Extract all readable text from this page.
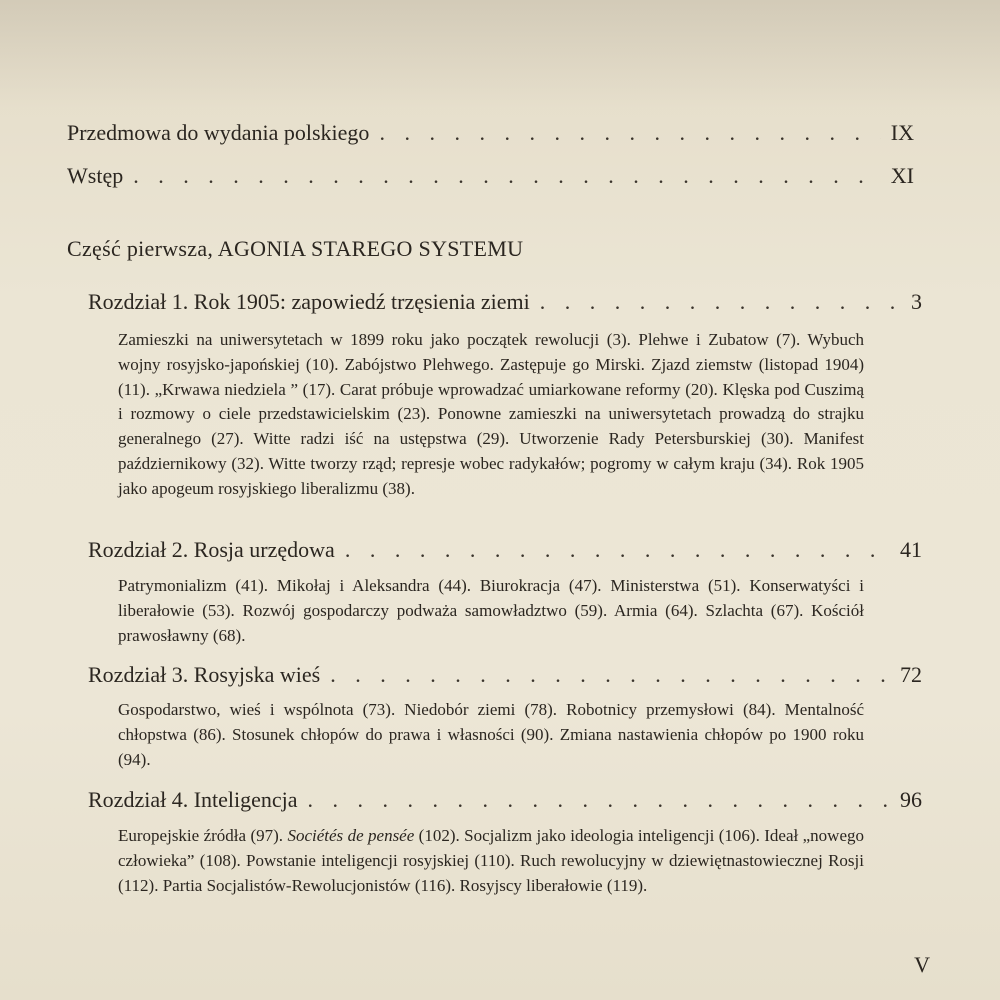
Przedmowa do wydania polskiego . . .	IX
Wstęp . . .	XI
Część pierwsza, AGONIA STAREGO SYSTEMU
Rozdział 1. Rok 1905: zapowiedź trzęsienia ziemi . . .	3
Zamieszki na uniwersytetach w 1899 roku jako początek rewolucji (3). Plehwe i Zubatow (7). Wybuch wojny rosyjsko-japońskiej (10). Zabójstwo Plehwego. Zastępuje go Mirski. Zjazd ziemstw (listopad 1904) (11). „Krwawa niedziela ” (17). Carat próbuje wprowadzać umiarkowane reformy (20). Klęska pod Cuszimą i rozmowy o ciele przedstawicielskim (23). Ponowne zamieszki na uniwersytetach prowadzą do strajku generalnego (27). Witte radzi iść na ustępstwa (29). Utworzenie Rady Petersburskiej (30). Manifest październikowy (32). Witte tworzy rząd; represje wobec radykałów; pogromy w całym kraju (34). Rok 1905 jako apogeum rosyjskiego liberalizmu (38).
Rozdział 2. Rosja urzędowa . . .	41
Patrymonializm (41). Mikołaj i Aleksandra (44). Biurokracja (47). Ministerstwa (51). Konserwatyści i liberałowie (53). Rozwój gospodarczy podważa samowładztwo (59). Armia (64). Szlachta (67). Kościół prawosławny (68).
Rozdział 3. Rosyjska wieś . . .	72
Gospodarstwo, wieś i wspólnota (73). Niedobór ziemi (78). Robotnicy przemysłowi (84). Mentalność chłopstwa (86). Stosunek chłopów do prawa i własności (90). Zmiana nastawienia chłopów po 1900 roku (94).
Rozdział 4. Inteligencja . . .	96
Europejskie źródła (97). Sociétés de pensée (102). Socjalizm jako ideologia inteligencji (106). Ideał „nowego człowieka” (108). Powstanie inteligencji rosyjskiej (110). Ruch rewolucyjny w dziewiętnastowiecznej Rosji (112). Partia Socjalistów-Rewolucjonistów (116). Rosyjscy liberałowie (119).
V
